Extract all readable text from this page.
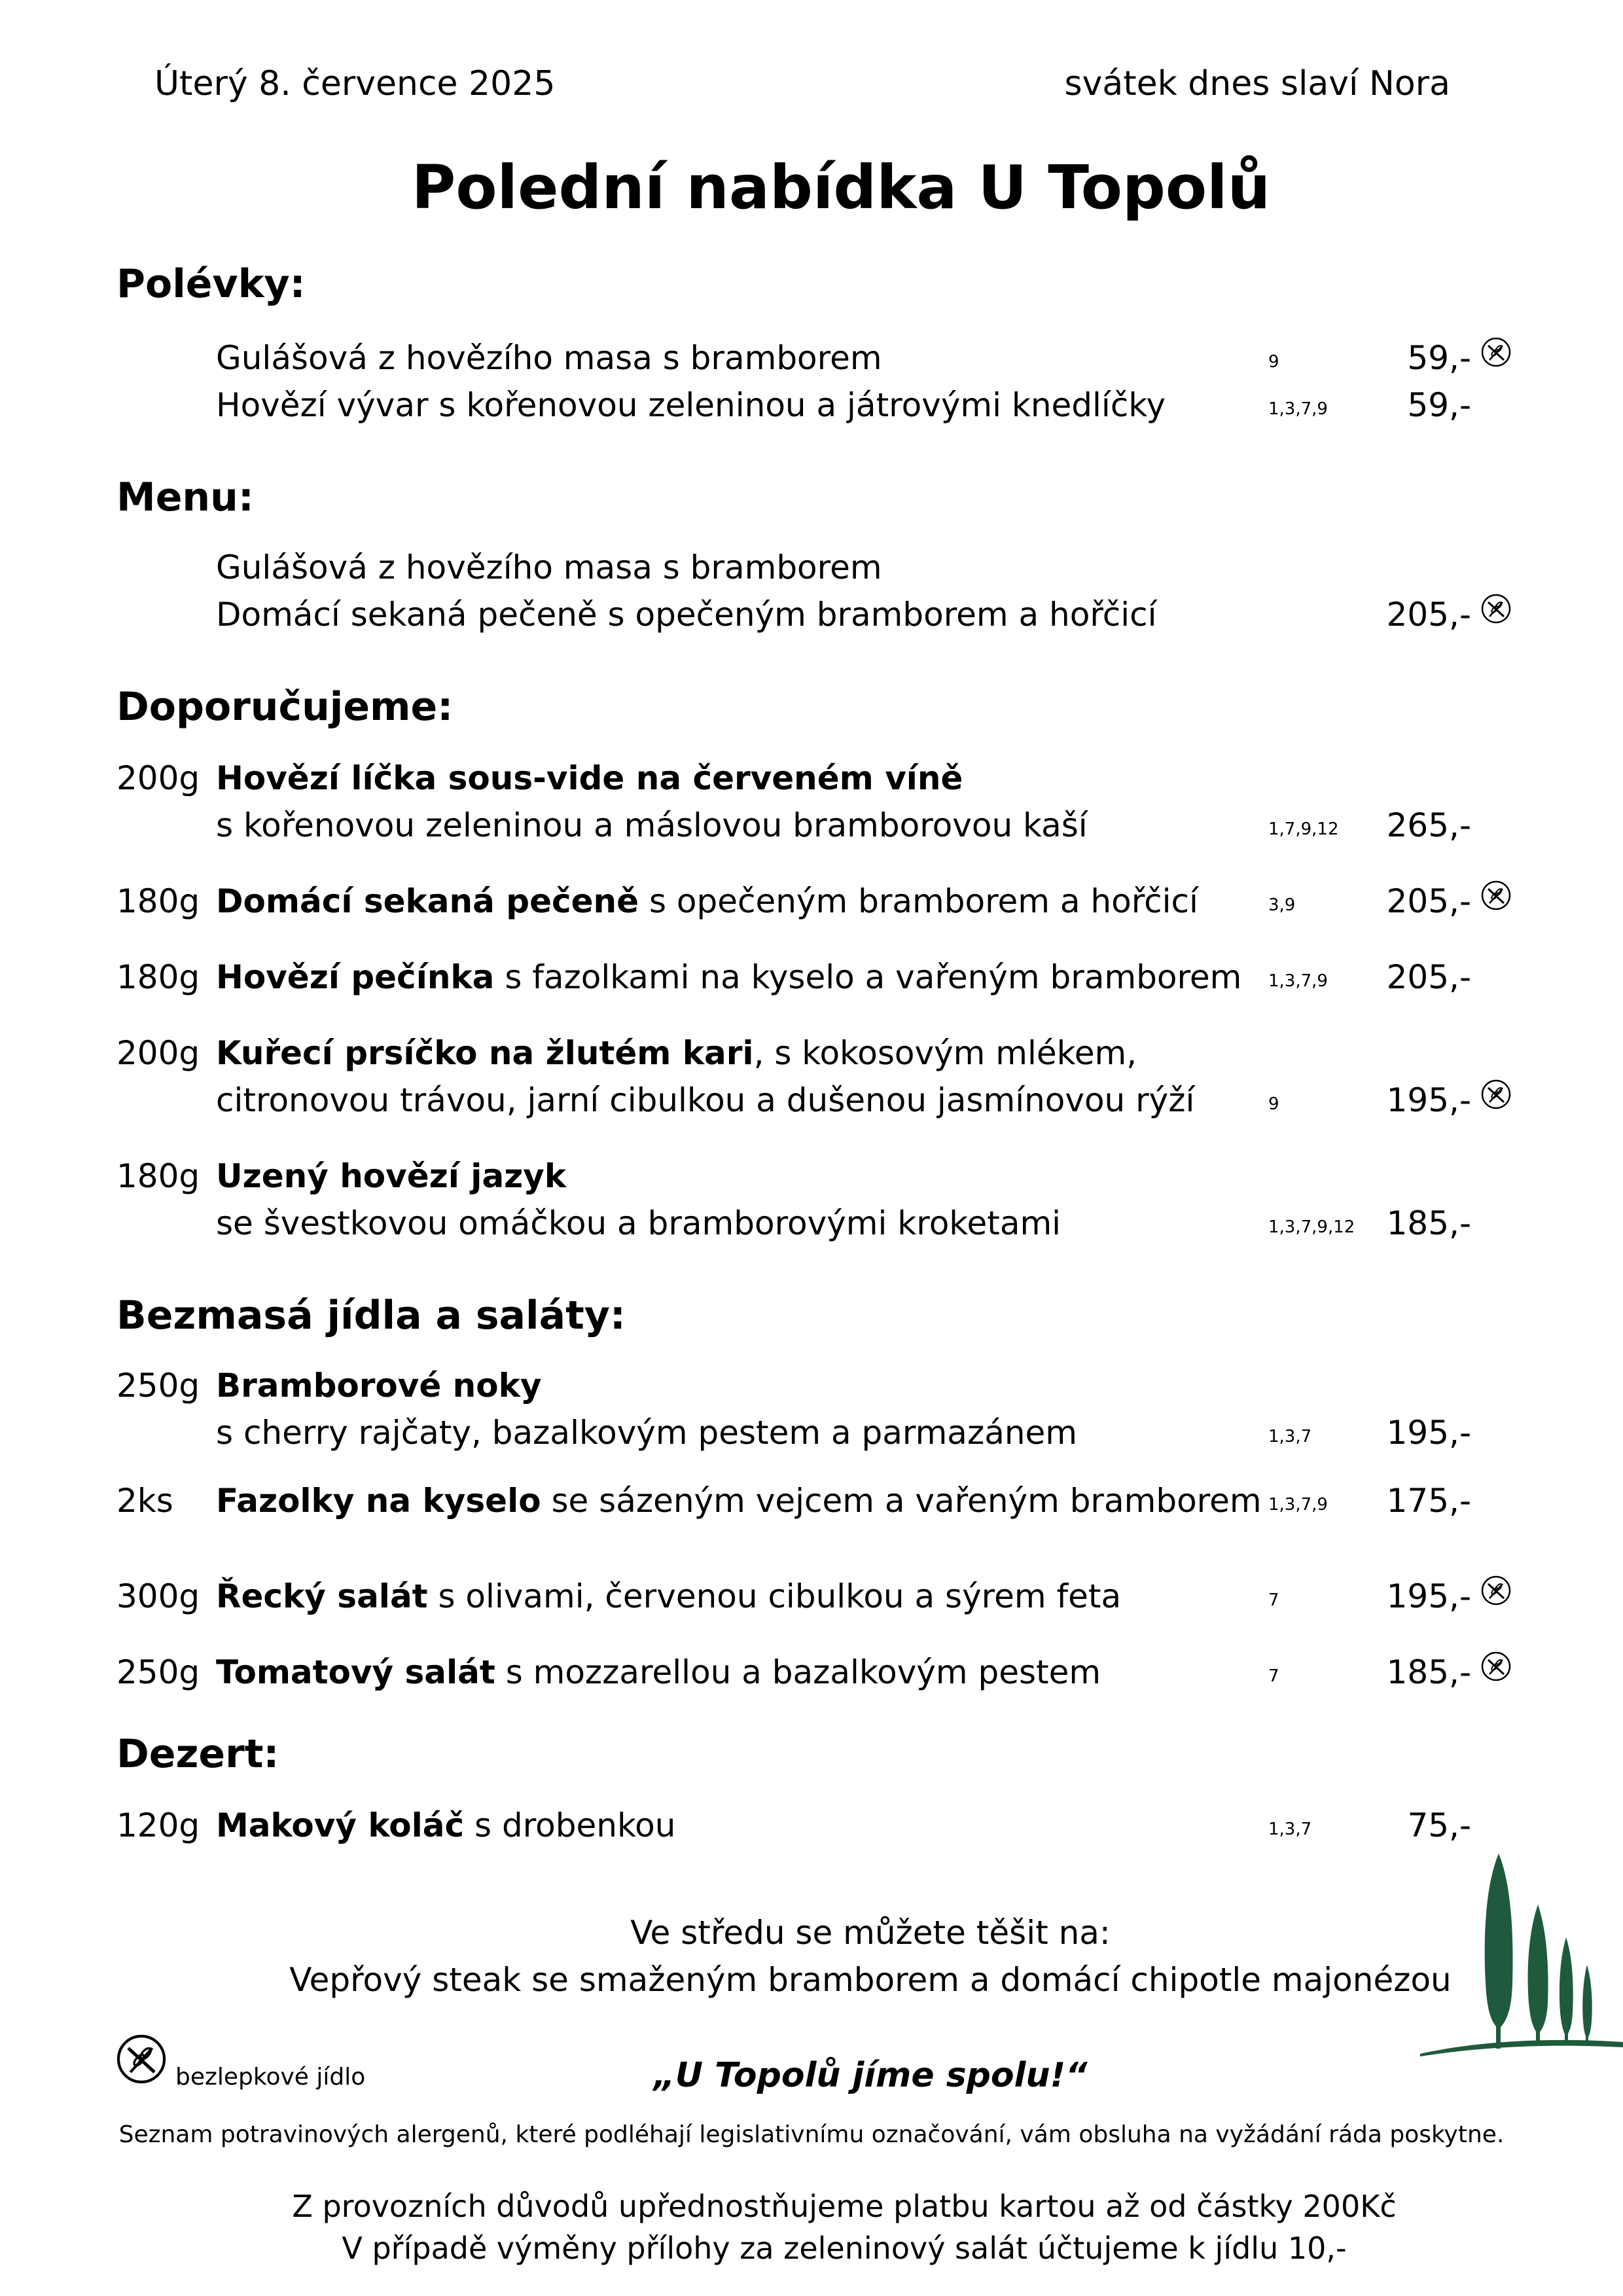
Úterý 8. července 2025	svátek dnes slaví Nora
Polední nabídka U Topolů
Polévky:
Gulášová z hovězího masa s bramborem	9	59,-
Hovězí vývar s kořenovou zeleninou a játrovými knedlíčky	1,3,7,9 59,-
Menu:
Gulášová z hovězího masa s bramborem
Domácí sekaná pečeně s opečeným bramborem a hořčicí	205,-
Doporučujeme:
200g Hovězí líčka sous-vide na červeném víně
s kořenovou zeleninou a máslovou bramborovou kaší	1,7,9,12 265,-
180g Domácí sekaná pečeně s opečeným bramborem a hořčicí	3,9	205,-
180g Hovězí pečínka s fazolkami na kyselo a vařeným bramborem 1,3,7,9 205,-
200g Kuřecí prsíčko na žlutém kari, s kokosovým mlékem,
citronovou trávou, jarní cibulkou a dušenou jasmínovou rýží	9	195,-
180g Uzený hovězí jazyk
se švestkovou omáčkou a bramborovými kroketami	1,3,7,9,12 185,-
Bezmasá jídla a saláty:
250g Bramborové noky
s cherry rajčaty, bazalkovým pestem a parmazánem	1,3,7 195,-
2ks Fazolky na kyselo se sázeným vejcem a vařeným bramborem 1,3,7,9 175,-
300g Řecký salát s olivami, červenou cibulkou a sýrem feta	7	195,-
250g Tomatový salát s mozzarellou a bazalkovým pestem	7	185,-
Dezert:
120g Makový koláč s drobenkou	1,3,7	75,-
Ve středu se můžete těšit na:
Vepřový steak se smaženým bramborem a domácí chipotle majonézou
bezlepkové jídlo	„U Topolů jíme spolu!“
Seznam potravinových alergenů, které podléhají legislativnímu označování, vám obsluha na vyžádání ráda poskytne.
Z provozních důvodů upřednostňujeme platbu kartou až od částky 200Kč
V případě výměny přílohy za zeleninový salát účtujeme k jídlu 10,-
